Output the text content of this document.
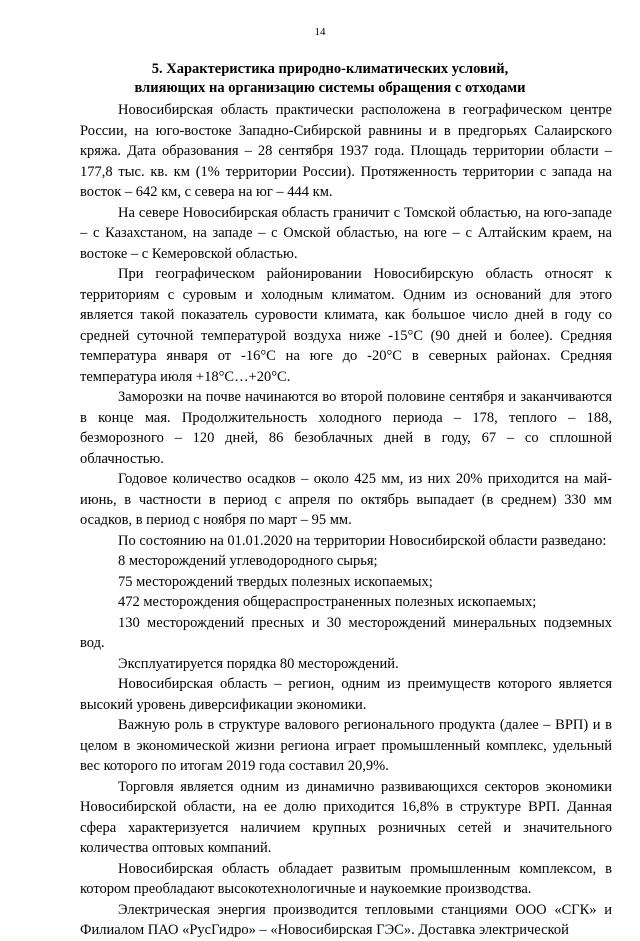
14
5. Характеристика природно-климатических условий,
влияющих на организацию системы обращения с отходами

Новосибирская область практически расположена в географическом центре России, на юго-востоке Западно-Сибирской равнины и в предгорьях Салаирского кряжа. Дата образования – 28 сентября 1937 года. Площадь территории области – 177,8 тыс. кв. км (1% территории России). Протяженность территории с запада на восток – 642 км, с севера на юг – 444 км.

На севере Новосибирская область граничит с Томской областью, на юго-западе – с Казахстаном, на западе – с Омской областью, на юге – с Алтайским краем, на востоке – с Кемеровской областью.

При географическом районировании Новосибирскую область относят к территориям с суровым и холодным климатом. Одним из оснований для этого является такой показатель суровости климата, как большое число дней в году со средней суточной температурой воздуха ниже -15°C (90 дней и более). Средняя температура января от -16°C на юге до -20°C в северных районах. Средняя температура июля +18°C…+20°C.

Заморозки на почве начинаются во второй половине сентября и заканчиваются в конце мая. Продолжительность холодного периода – 178, теплого – 188, безморозного – 120 дней, 86 безоблачных дней в году, 67 – со сплошной облачностью.

Годовое количество осадков – около 425 мм, из них 20% приходится на май-июнь, в частности в период с апреля по октябрь выпадает (в среднем) 330 мм осадков, в период с ноября по март – 95 мм.

По состоянию на 01.01.2020 на территории Новосибирской области разведано:

8 месторождений углеводородного сырья;

75 месторождений твердых полезных ископаемых;

472 месторождения общераспространенных полезных ископаемых;

130 месторождений пресных и 30 месторождений минеральных подземных вод.

Эксплуатируется порядка 80 месторождений.

Новосибирская область – регион, одним из преимуществ которого является высокий уровень диверсификации экономики.

Важную роль в структуре валового регионального продукта (далее – ВРП) и в целом в экономической жизни региона играет промышленный комплекс, удельный вес которого по итогам 2019 года составил 20,9%.

Торговля является одним из динамично развивающихся секторов экономики Новосибирской области, на ее долю приходится 16,8% в структуре ВРП. Данная сфера характеризуется наличием крупных розничных сетей и значительного количества оптовых компаний.

Новосибирская область обладает развитым промышленным комплексом, в котором преобладают высокотехнологичные и наукоемкие производства.

Электрическая энергия производится тепловыми станциями ООО «СГК» и Филиалом ПАО «РусГидро» – «Новосибирская ГЭС». Доставка электрической
